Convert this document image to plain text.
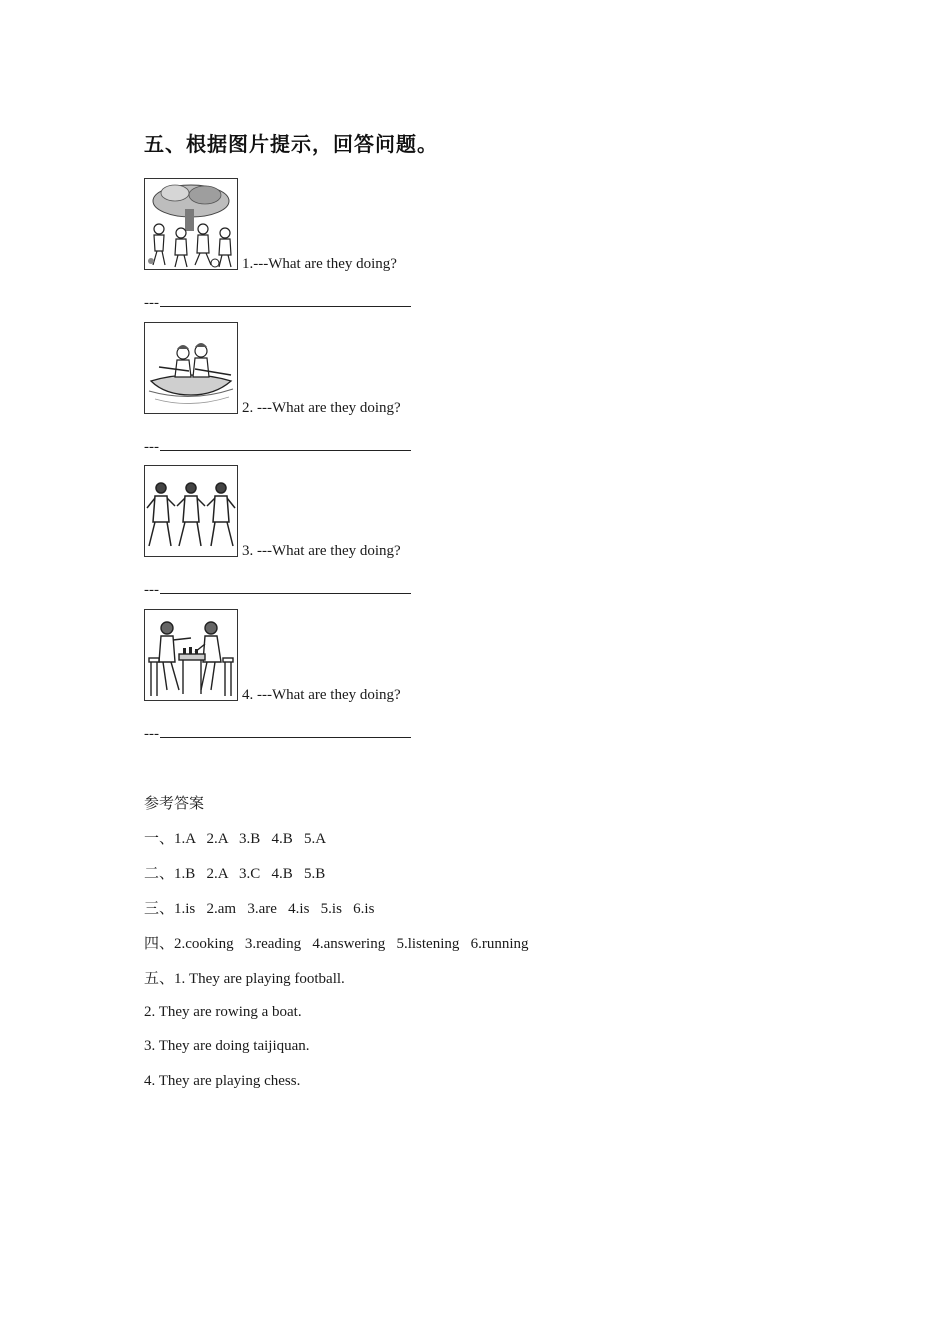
五、根据图片提示，回答问题。
1.---What are they doing?
---
2. ---What are they doing?
---
3. ---What are they doing?
---
4. ---What are they doing?
---
参考答案
一、1.A   2.A   3.B   4.B   5.A
二、1.B   2.A   3.C   4.B   5.B
三、1.is   2.am   3.are   4.is   5.is   6.is
四、2.cooking   3.reading   4.answering   5.listening   6.running
五、1. They are playing football.
2. They are rowing a boat.
3. They are doing taijiquan.
4. They are playing chess.
